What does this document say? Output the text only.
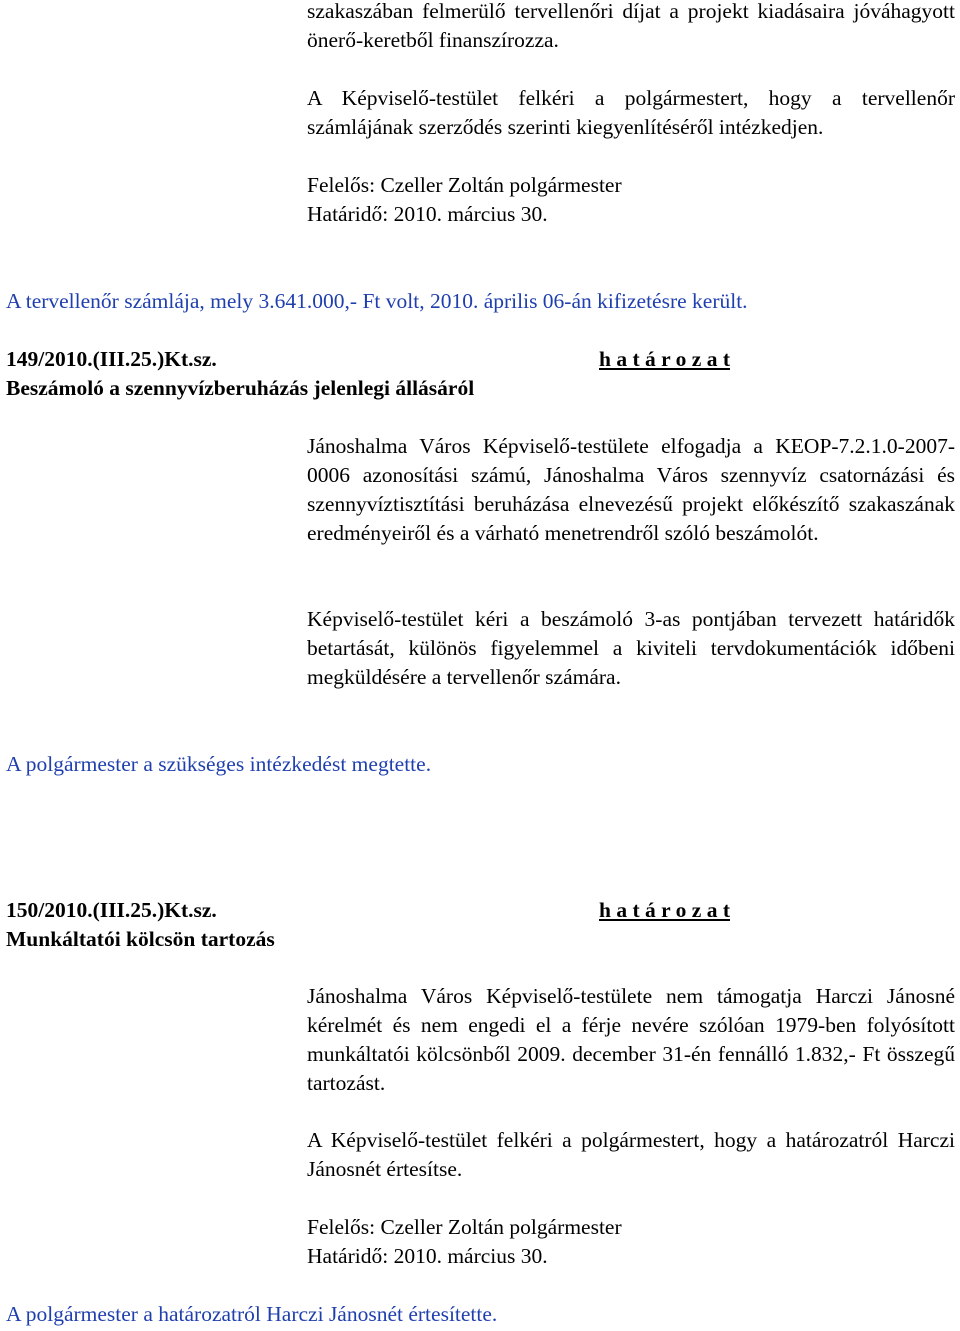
szakaszában felmerülő tervellenőri díjat a projekt kiadásaira jóváhagyott önerő-keretből finanszírozza.

A Képviselő-testület felkéri a polgármestert, hogy a tervellenőr számlájának szerződés szerinti kiegyenlítéséről intézkedjen.

Felelős: Czeller Zoltán polgármester
Határidő: 2010. március 30.

A tervellenőr számlája, mely 3.641.000,- Ft volt, 2010. április 06-án kifizetésre került.

149/2010.(III.25.)Kt.sz.	h a t á r o z a t

Beszámoló a szennyvízberuházás jelenlegi állásáról

Jánoshalma Város Képviselő-testülete elfogadja a KEOP-7.2.1.0-2007-0006 azonosítási számú, Jánoshalma Város szennyvíz csatornázási és szennyvíztisztítási beruházása elnevezésű projekt előkészítő szakaszának eredményeiről és a várható menetrendről szóló beszámolót.

Képviselő-testület kéri a beszámoló 3-as pontjában tervezett határidők betartását, különös figyelemmel a kiviteli tervdokumentációk időbeni megküldésére a tervellenőr számára.

A polgármester a szükséges intézkedést megtette.

150/2010.(III.25.)Kt.sz.	h a t á r o z a t

Munkáltatói kölcsön tartozás

Jánoshalma Város Képviselő-testülete nem támogatja Harczi Jánosné kérelmét és nem engedi el a férje nevére szólóan 1979-ben folyósított munkáltatói kölcsönből 2009. december 31-én fennálló 1.832,- Ft összegű tartozást.

A Képviselő-testület felkéri a polgármestert, hogy a határozatról Harczi Jánosnét értesítse.

Felelős: Czeller Zoltán polgármester
Határidő: 2010. március 30.

A polgármester a határozatról Harczi Jánosnét értesítette.
